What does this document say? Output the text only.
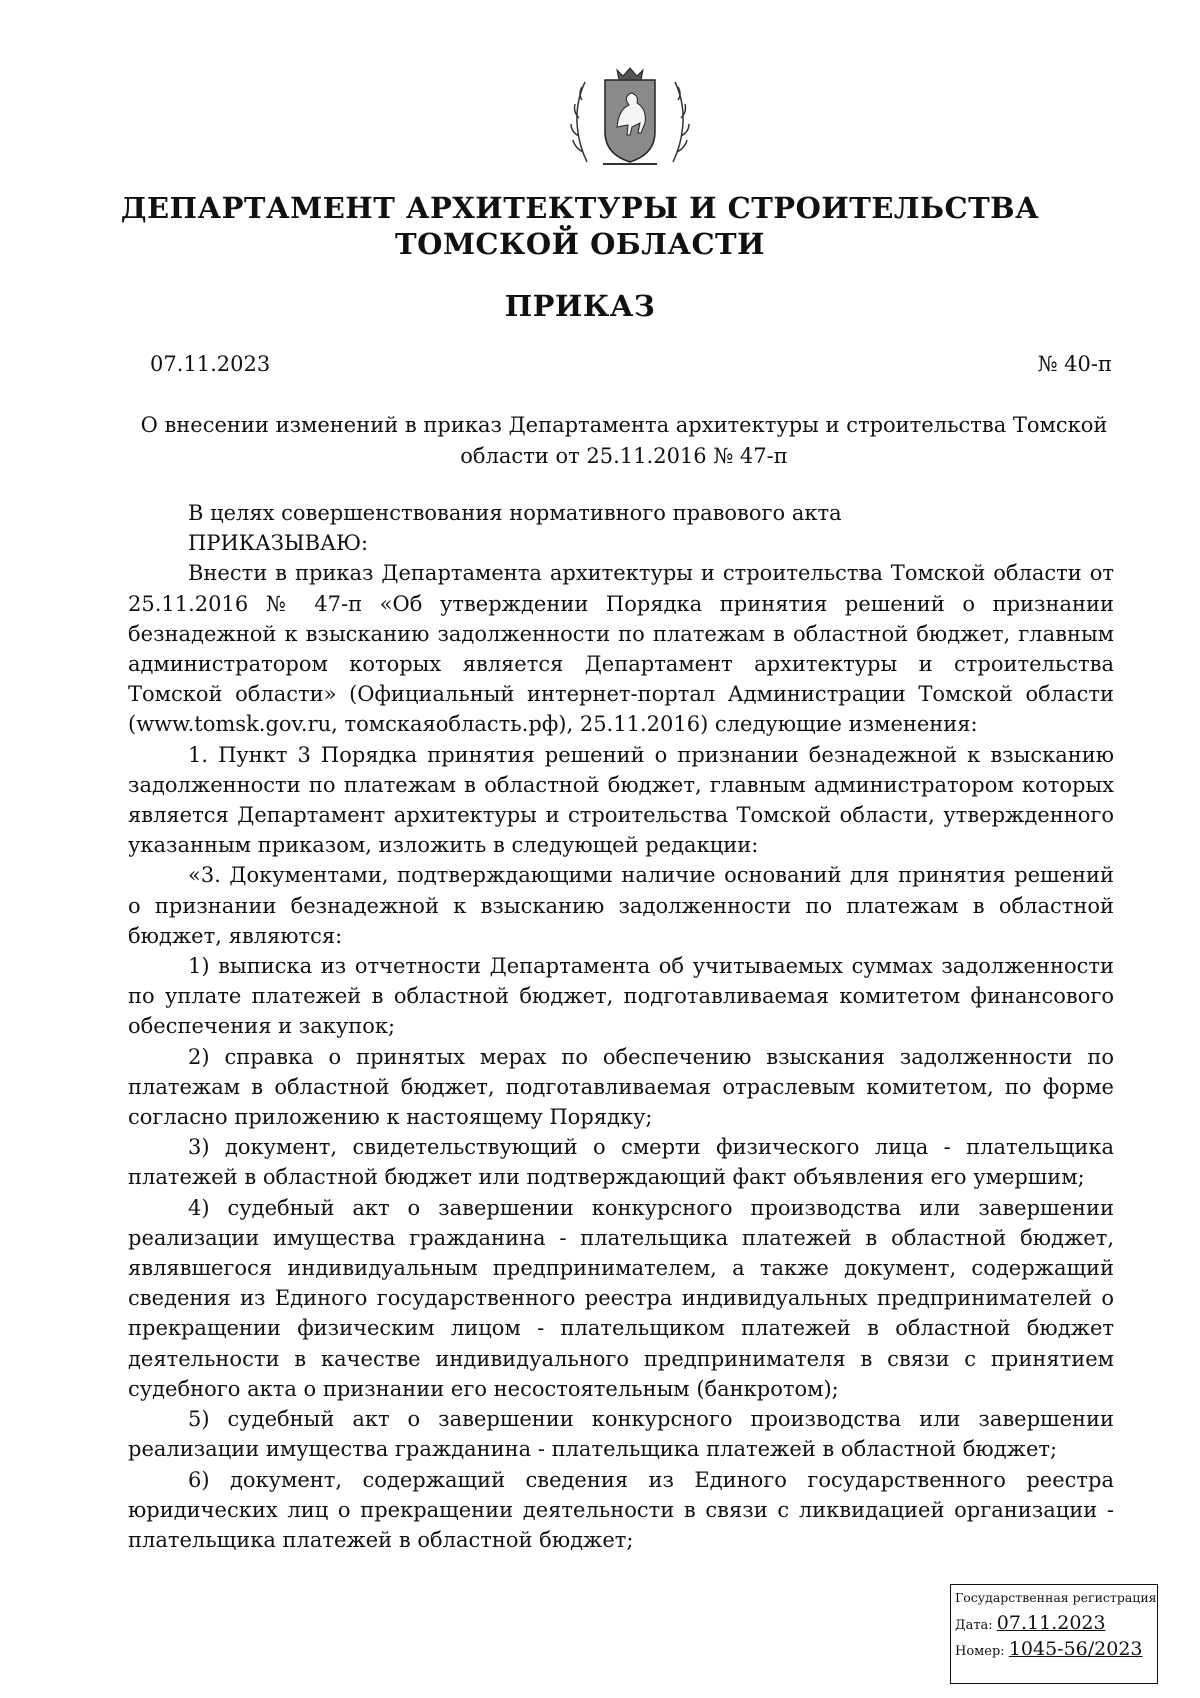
ДЕПАРТАМЕНТ АРХИТЕКТУРЫ И СТРОИТЕЛЬСТВА
ТОМСКОЙ ОБЛАСТИ
ПРИКАЗ
07.11.2023	№ 40-п
О внесении изменений в приказ Департамента архитектуры и строительства Томской области от 25.11.2016 № 47-п

В целях совершенствования нормативного правового акта

ПРИКАЗЫВАЮ:

Внести в приказ Департамента архитектуры и строительства Томской области от 25.11.2016 № 47-п «Об утверждении Порядка принятия решений о признании безнадежной к взысканию задолженности по платежам в областной бюджет, главным администратором которых является Департамент архитектуры и строительства Томской области» (Официальный интернет-портал Администрации Томской области (www.tomsk.gov.ru, томскаяобласть.рф), 25.11.2016) следующие изменения:

1. Пункт 3 Порядка принятия решений о признании безнадежной к взысканию задолженности по платежам в областной бюджет, главным администратором которых является Департамент архитектуры и строительства Томской области, утвержденного указанным приказом, изложить в следующей редакции:

«3. Документами, подтверждающими наличие оснований для принятия решений о признании безнадежной к взысканию задолженности по платежам в областной бюджет, являются:

1) выписка из отчетности Департамента об учитываемых суммах задолженности по уплате платежей в областной бюджет, подготавливаемая комитетом финансового обеспечения и закупок;

2) справка о принятых мерах по обеспечению взыскания задолженности по платежам в областной бюджет, подготавливаемая отраслевым комитетом, по форме согласно приложению к настоящему Порядку;

3) документ, свидетельствующий о смерти физического лица - плательщика платежей в областной бюджет или подтверждающий факт объявления его умершим;

4) судебный акт о завершении конкурсного производства или завершении реализации имущества гражданина - плательщика платежей в областной бюджет, являвшегося индивидуальным предпринимателем, а также документ, содержащий сведения из Единого государственного реестра индивидуальных предпринимателей о прекращении физическим лицом - плательщиком платежей в областной бюджет деятельности в качестве индивидуального предпринимателя в связи с принятием судебного акта о признании его несостоятельным (банкротом);

5) судебный акт о завершении конкурсного производства или завершении реализации имущества гражданина - плательщика платежей в областной бюджет;

6) документ, содержащий сведения из Единого государственного реестра юридических лиц о прекращении деятельности в связи с ликвидацией организации - плательщика платежей в областной бюджет;

Государственная регистрация
Дата: 07.11.2023
Номер: 1045-56/2023
